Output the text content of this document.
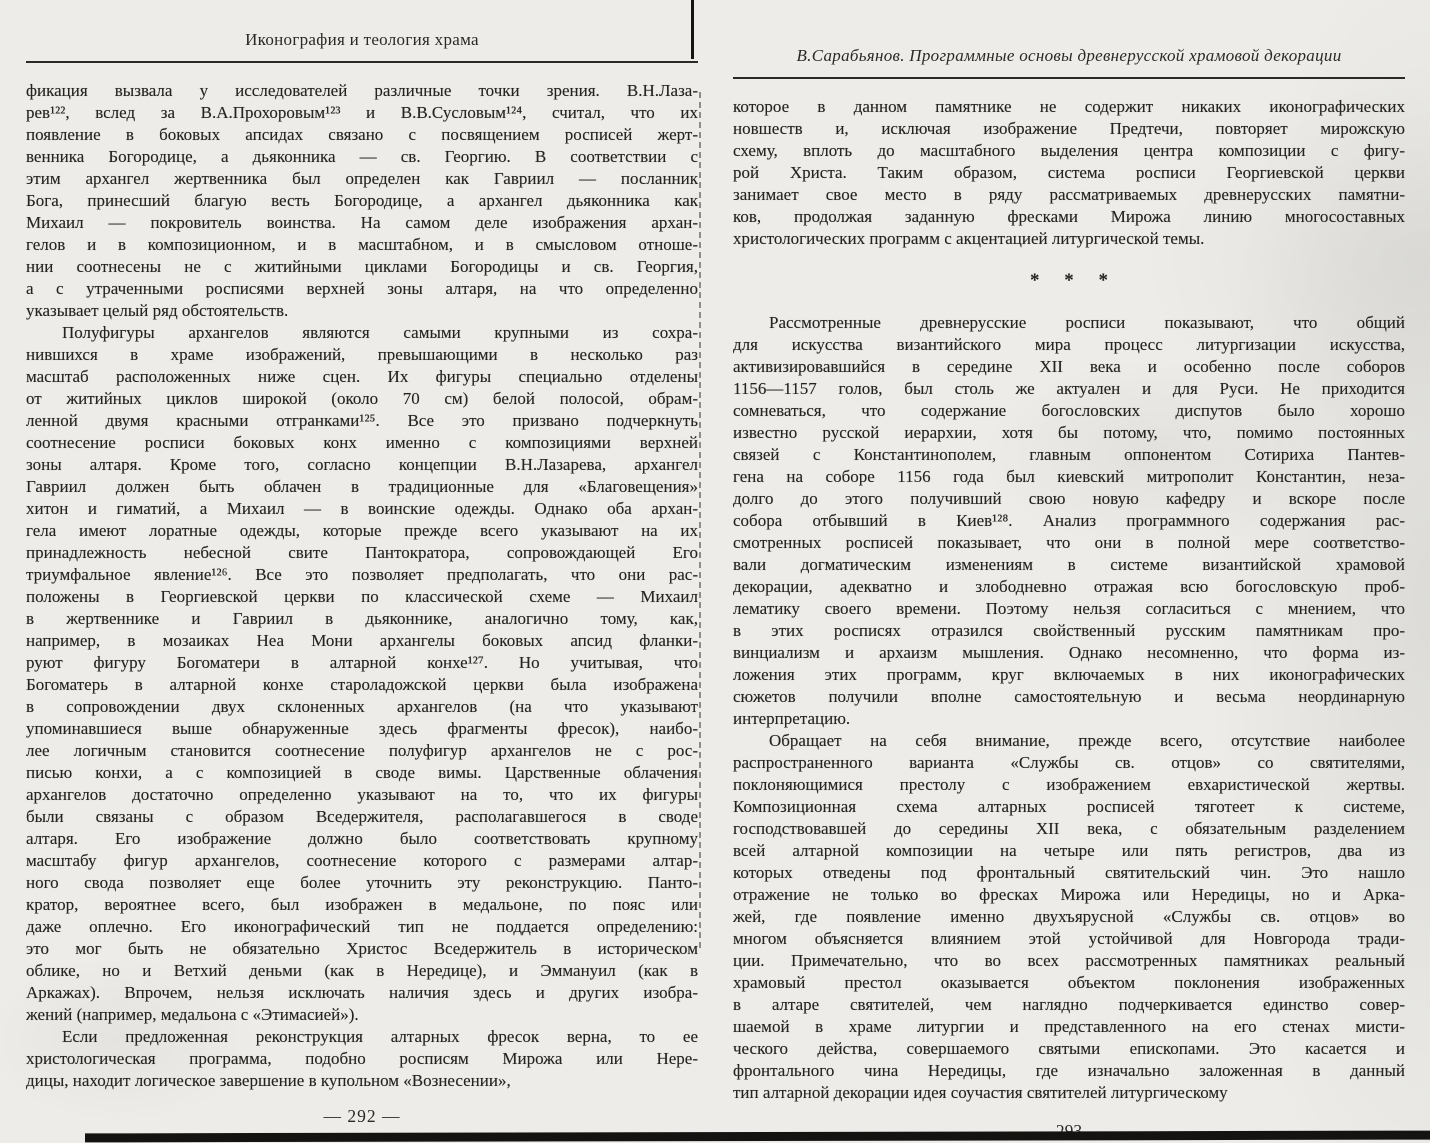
Иконография и теология храма
фикация вызвала у исследователей различные точки зрения. В.Н.Лаза-
рев¹²², вслед за В.А.Прохоровым¹²³ и В.В.Сусловым¹²⁴, считал, что их
появление в боковых апсидах связано с посвящением росписей жерт-
венника Богородице, а дьяконника — св. Георгию. В соответствии с
этим архангел жертвенника был определен как Гавриил — посланник
Бога, принесший благую весть Богородице, а архангел дьяконника как
Михаил — покровитель воинства. На самом деле изображения архан-
гелов и в композиционном, и в масштабном, и в смысловом отноше-
нии соотнесены не с житийными циклами Богородицы и св. Георгия,
а с утраченными росписями верхней зоны алтаря, на что определенно
указывает целый ряд обстоятельств.
Полуфигуры архангелов являются самыми крупными из сохра-
нившихся в храме изображений, превышающими в несколько раз
масштаб расположенных ниже сцен. Их фигуры специально отделены
от житийных циклов широкой (около 70 см) белой полосой, обрам-
ленной двумя красными отгранками¹²⁵. Все это призвано подчеркнуть
соотнесение росписи боковых конх именно с композициями верхней
зоны алтаря. Кроме того, согласно концепции В.Н.Лазарева, архангел
Гавриил должен быть облачен в традиционные для «Благовещения»
хитон и гиматий, а Михаил — в воинские одежды. Однако оба архан-
гела имеют лоратные одежды, которые прежде всего указывают на их
принадлежность небесной свите Пантократора, сопровождающей Его
триумфальное явление¹²⁶. Все это позволяет предполагать, что они рас-
положены в Георгиевской церкви по классической схеме — Михаил
в жертвеннике и Гавриил в дьяконнике, аналогично тому, как,
например, в мозаиках Неа Мони архангелы боковых апсид фланки-
руют фигуру Богоматери в алтарной конхе¹²⁷. Но учитывая, что
Богоматерь в алтарной конхе староладожской церкви была изображена
в сопровождении двух склоненных архангелов (на что указывают
упоминавшиеся выше обнаруженные здесь фрагменты фресок), наибо-
лее логичным становится соотнесение полуфигур архангелов не с рос-
писью конхи, а с композицией в своде вимы. Царственные облачения
архангелов достаточно определенно указывают на то, что их фигуры
были связаны с образом Вседержителя, располагавшегося в своде
алтаря. Его изображение должно было соответствовать крупному
масштабу фигур архангелов, соотнесение которого с размерами алтар-
ного свода позволяет еще более уточнить эту реконструкцию. Панто-
кратор, вероятнее всего, был изображен в медальоне, по пояс или
даже оплечно. Его иконографический тип не поддается определению:
это мог быть не обязательно Христос Вседержитель в историческом
облике, но и Ветхий деньми (как в Нередице), и Эммануил (как в
Аркажах). Впрочем, нельзя исключать наличия здесь и других изобра-
жений (например, медальона с «Этимасией»).
Если предложенная реконструкция алтарных фресок верна, то ее
христологическая программа, подобно росписям Мирожа или Нере-
дицы, находит логическое завершение в купольном «Вознесении»,
— 292 —
В.Сарабьянов. Программные основы древнерусской храмовой декорации
которое в данном памятнике не содержит никаких иконографических
новшеств и, исключая изображение Предтечи, повторяет мирожскую
схему, вплоть до масштабного выделения центра композиции с фигу-
рой Христа. Таким образом, система росписи Георгиевской церкви
занимает свое место в ряду рассматриваемых древнерусских памятни-
ков, продолжая заданную фресками Мирожа линию многосоставных
христологических программ с акцентацией литургической темы.
* * *
Рассмотренные древнерусские росписи показывают, что общий
для искусства византийского мира процесс литургизации искусства,
активизировавшийся в середине XII века и особенно после соборов
1156—1157 голов, был столь же актуален и для Руси. Не приходится
сомневаться, что содержание богословских диспутов было хорошо
известно русской иерархии, хотя бы потому, что, помимо постоянных
связей с Константинополем, главным оппонентом Сотириха Пантев-
гена на соборе 1156 года был киевский митрополит Константин, неза-
долго до этого получивший свою новую кафедру и вскоре после
собора отбывший в Киев¹²⁸. Анализ программного содержания рас-
смотренных росписей показывает, что они в полной мере соответство-
вали догматическим изменениям в системе византийской храмовой
декорации, адекватно и злободневно отражая всю богословскую проб-
лематику своего времени. Поэтому нельзя согласиться с мнением, что
в этих росписях отразился свойственный русским памятникам про-
винциализм и архаизм мышления. Однако несомненно, что форма из-
ложения этих программ, круг включаемых в них иконографических
сюжетов получили вполне самостоятельную и весьма неординарную
интерпретацию.
Обращает на себя внимание, прежде всего, отсутствие наиболее
распространенного варианта «Службы св. отцов» со святителями,
поклоняющимися престолу с изображением евхаристической жертвы.
Композиционная схема алтарных росписей тяготеет к системе,
господствовавшей до середины XII века, с обязательным разделением
всей алтарной композиции на четыре или пять регистров, два из
которых отведены под фронтальный святительский чин. Это нашло
отражение не только во фресках Мирожа или Нередицы, но и Арка-
жей, где появление именно двухъярусной «Службы св. отцов» во
многом объясняется влиянием этой устойчивой для Новгорода тради-
ции. Примечательно, что во всех рассмотренных памятниках реальный
храмовый престол оказывается объектом поклонения изображенных
в алтаре святителей, чем наглядно подчеркивается единство совер-
шаемой в храме литургии и представленного на его стенах мисти-
ческого действа, совершаемого святыми епископами. Это касается и
фронтального чина Нередицы, где изначально заложенная в данный
тип алтарной декорации идея соучастия святителей литургическому
